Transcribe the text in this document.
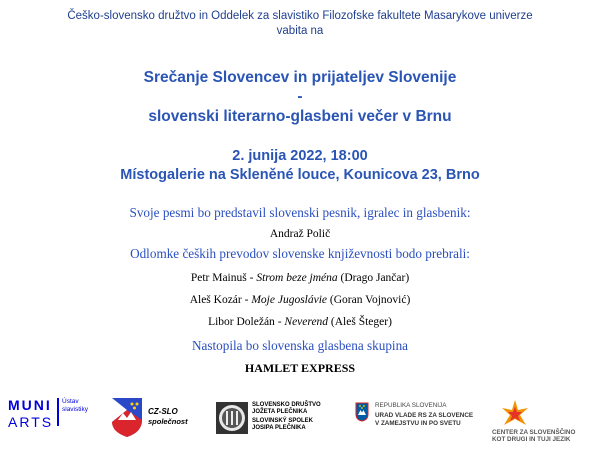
Češko-slovensko družtvo in Oddelek za slavistiko Filozofske fakultete Masarykove univerze
vabita na
Srečanje Slovencev in prijateljev Slovenije
-
slovenski literarno-glasbeni večer v Brnu
2. junija 2022, 18:00
Místogalerie na Skleněné louce, Kounicova 23, Brno
Svoje pesmi bo predstavil slovenski pesnik, igralec in glasbenik:
Andraž Polič
Odlomke čeških prevodov slovenske književnosti bodo prebrali:
Petr Mainuš - Strom beze jména (Drago Jančar)
Aleš Kozár - Moje Jugoslávie (Goran Vojnović)
Libor Doležán - Neverend (Aleš Šteger)
Nastopila bo slovenska glasbena skupina
HAMLET EXPRESS
MUNI
ARTS
Ústav
slavistiky	CZ-SLO
společnost
SLOVENSKO DRUŠTVO
JOŽETA PLEČNIKA
SLOVINSKÝ SPOLEK
JOSIPA PLEČNIKA
REPUBLIKA SLOVENIJA
URAD VLADE RS ZA SLOVENCE
V ZAMEJSTVU IN PO SVETU
CENTER ZA SLOVENŠČINO
KOT DRUGI IN TUJI JEZIK
